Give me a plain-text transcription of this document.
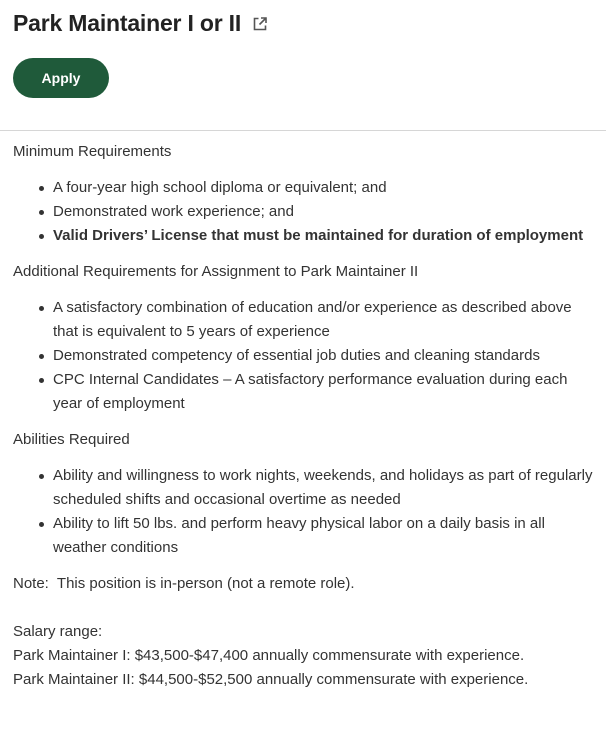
Park Maintainer I or II
Apply

Minimum Requirements

A four-year high school diploma or equivalent; and
Demonstrated work experience; and
Valid Drivers’ License that must be maintained for duration of employment

Additional Requirements for Assignment to Park Maintainer II

A satisfactory combination of education and/or experience as described above that is equivalent to 5 years of experience
Demonstrated competency of essential job duties and cleaning standards
CPC Internal Candidates – A satisfactory performance evaluation during each year of employment

Abilities Required

Ability and willingness to work nights, weekends, and holidays as part of regularly scheduled shifts and occasional overtime as needed
Ability to lift 50 lbs. and perform heavy physical labor on a daily basis in all weather conditions

Note:  This position is in-person (not a remote role).

Salary range:

Park Maintainer I: $43,500-$47,400 annually commensurate with experience.

Park Maintainer II: $44,500-$52,500 annually commensurate with experience.
